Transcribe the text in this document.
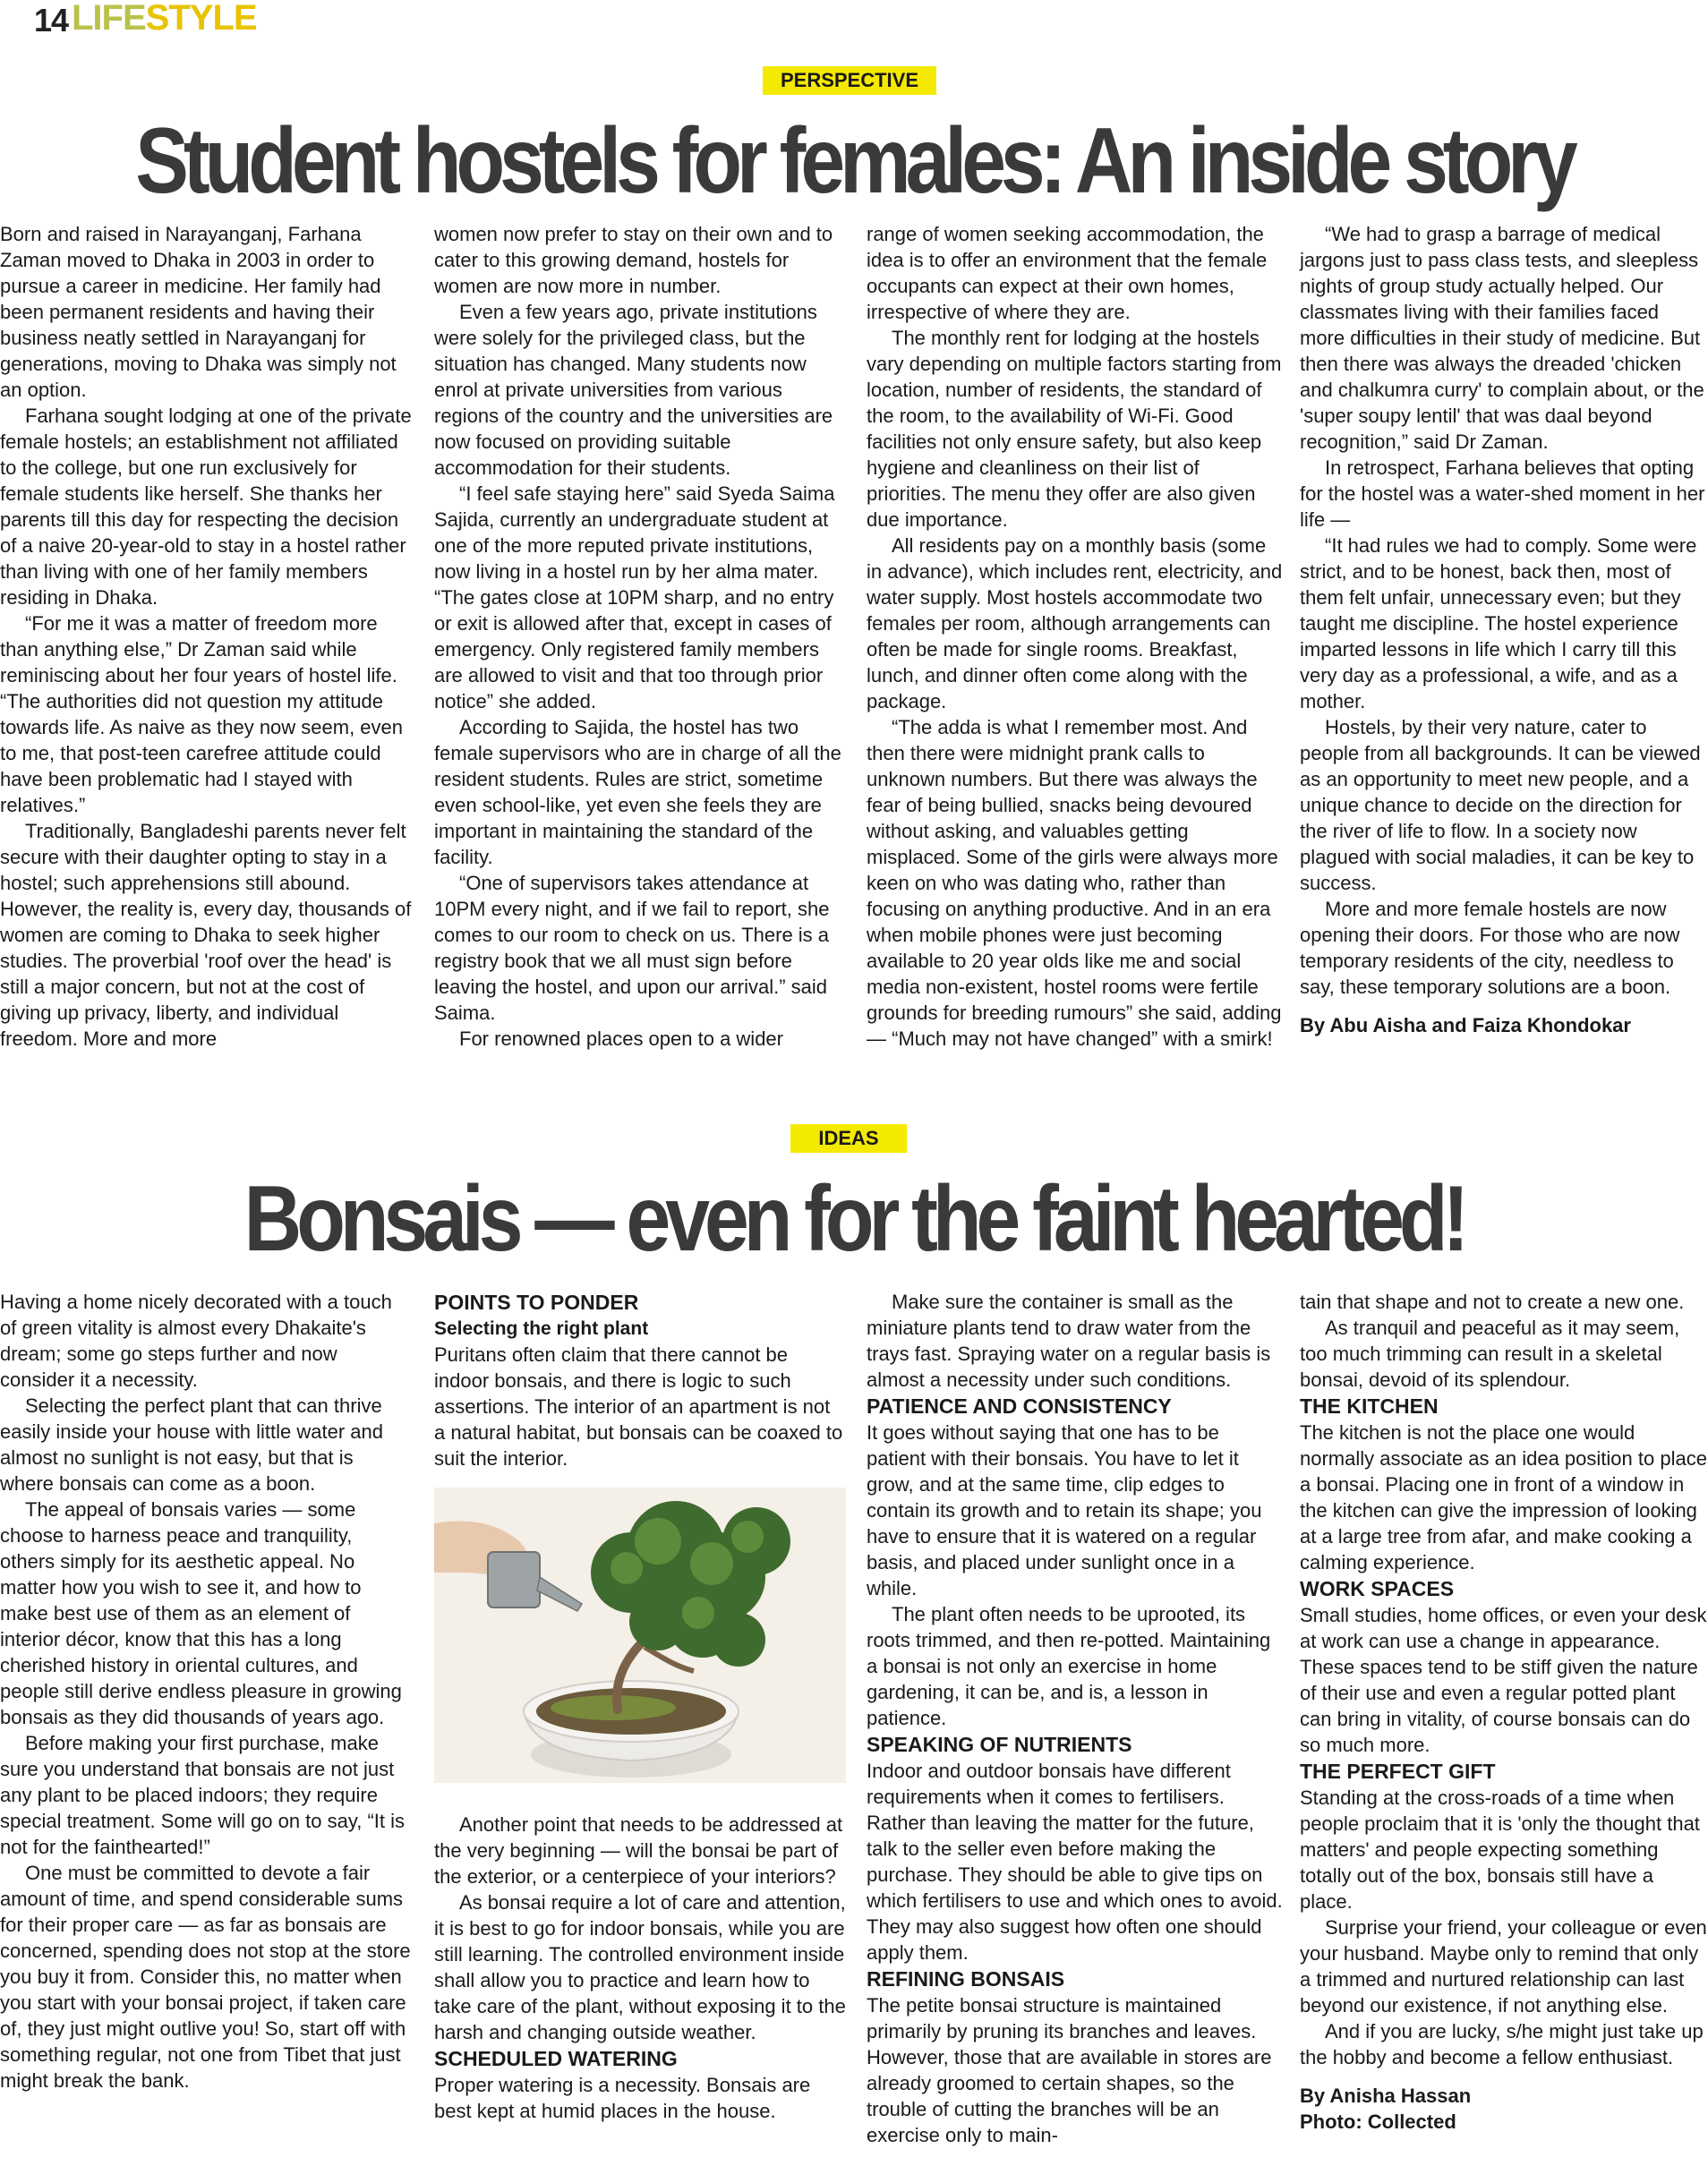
14 LIFESTYLE
PERSPECTIVE
Student hostels for females: An inside story

Born and raised in Narayanganj, Farhana Zaman moved to Dhaka in 2003 in order to pursue a career in medicine. Her family had been permanent residents and having their business neatly settled in Narayanganj for generations, moving to Dhaka was simply not an option.

Farhana sought lodging at one of the private female hostels; an establishment not affiliated to the college, but one run exclusively for female students like herself. She thanks her parents till this day for respecting the decision of a naive 20-year-old to stay in a hostel rather than living with one of her family members residing in Dhaka.

“For me it was a matter of freedom more than anything else,” Dr Zaman said while reminiscing about her four years of hostel life. “The authorities did not question my attitude towards life. As naive as they now seem, even to me, that post-teen carefree attitude could have been problematic had I stayed with relatives.”

Traditionally, Bangladeshi parents never felt secure with their daughter opting to stay in a hostel; such apprehensions still abound. However, the reality is, every day, thousands of women are coming to Dhaka to seek higher studies. The proverbial 'roof over the head' is still a major concern, but not at the cost of giving up privacy, liberty, and individual freedom. More and more

women now prefer to stay on their own and to cater to this growing demand, hostels for women are now more in number.

Even a few years ago, private institutions were solely for the privileged class, but the situation has changed. Many students now enrol at private universities from various regions of the country and the universities are now focused on providing suitable accommodation for their students.

“I feel safe staying here” said Syeda Saima Sajida, currently an undergraduate student at one of the more reputed private institutions, now living in a hostel run by her alma mater. “The gates close at 10PM sharp, and no entry or exit is allowed after that, except in cases of emergency. Only registered family members are allowed to visit and that too through prior notice” she added.

According to Sajida, the hostel has two female supervisors who are in charge of all the resident students. Rules are strict, sometime even school-like, yet even she feels they are important in maintaining the standard of the facility.

“One of supervisors takes attendance at 10PM every night, and if we fail to report, she comes to our room to check on us. There is a registry book that we all must sign before leaving the hostel, and upon our arrival.” said Saima.

For renowned places open to a wider

range of women seeking accommodation, the idea is to offer an environment that the female occupants can expect at their own homes, irrespective of where they are.

The monthly rent for lodging at the hostels vary depending on multiple factors starting from location, number of residents, the standard of the room, to the availability of Wi-Fi. Good facilities not only ensure safety, but also keep hygiene and cleanliness on their list of priorities. The menu they offer are also given due importance.

All residents pay on a monthly basis (some in advance), which includes rent, electricity, and water supply. Most hostels accommodate two females per room, although arrangements can often be made for single rooms. Breakfast, lunch, and dinner often come along with the package.

“The adda is what I remember most. And then there were midnight prank calls to unknown numbers. But there was always the fear of being bullied, snacks being devoured without asking, and valuables getting misplaced. Some of the girls were always more keen on who was dating who, rather than focusing on anything productive. And in an era when mobile phones were just becoming available to 20 year olds like me and social media non-existent, hostel rooms were fertile grounds for breeding rumours” she said, adding — “Much may not have changed” with a smirk!

“We had to grasp a barrage of medical jargons just to pass class tests, and sleepless nights of group study actually helped. Our classmates living with their families faced more difficulties in their study of medicine. But then there was always the dreaded 'chicken and chalkumra curry' to complain about, or the 'super soupy lentil' that was daal beyond recognition,” said Dr Zaman.

In retrospect, Farhana believes that opting for the hostel was a water-shed moment in her life —

“It had rules we had to comply. Some were strict, and to be honest, back then, most of them felt unfair, unnecessary even; but they taught me discipline. The hostel experience imparted lessons in life which I carry till this very day as a professional, a wife, and as a mother.

Hostels, by their very nature, cater to people from all backgrounds. It can be viewed as an opportunity to meet new people, and a unique chance to decide on the direction for the river of life to flow. In a society now plagued with social maladies, it can be key to success.

More and more female hostels are now opening their doors. For those who are now temporary residents of the city, needless to say, these temporary solutions are a boon.

By Abu Aisha and Faiza Khondokar

IDEAS
Bonsais — even for the faint hearted!

Having a home nicely decorated with a touch of green vitality is almost every Dhakaite's dream; some go steps further and now consider it a necessity.

Selecting the perfect plant that can thrive easily inside your house with little water and almost no sunlight is not easy, but that is where bonsais can come as a boon.

The appeal of bonsais varies — some choose to harness peace and tranquility, others simply for its aesthetic appeal. No matter how you wish to see it, and how to make best use of them as an element of interior décor, know that this has a long cherished history in oriental cultures, and people still derive endless pleasure in growing bonsais as they did thousands of years ago.

Before making your first purchase, make sure you understand that bonsais are not just any plant to be placed indoors; they require special treatment. Some will go on to say, “It is not for the fainthearted!”

One must be committed to devote a fair amount of time, and spend considerable sums for their proper care — as far as bonsais are concerned, spending does not stop at the store you buy it from. Consider this, no matter when you start with your bonsai project, if taken care of, they just might outlive you! So, start off with something regular, not one from Tibet that just might break the bank.

POINTS TO PONDER
Selecting the right plant

Puritans often claim that there cannot be indoor bonsais, and there is logic to such assertions. The interior of an apartment is not a natural habitat, but bonsais can be coaxed to suit the interior.

Another point that needs to be addressed at the very beginning — will the bonsai be part of the exterior, or a centerpiece of your interiors?

As bonsai require a lot of care and attention, it is best to go for indoor bonsais, while you are still learning. The controlled environment inside shall allow you to practice and learn how to take care of the plant, without exposing it to the harsh and changing outside weather.

SCHEDULED WATERING

Proper watering is a necessity. Bonsais are best kept at humid places in the house.

Make sure the container is small as the miniature plants tend to draw water from the trays fast. Spraying water on a regular basis is almost a necessity under such conditions.

PATIENCE AND CONSISTENCY

It goes without saying that one has to be patient with their bonsais. You have to let it grow, and at the same time, clip edges to contain its growth and to retain its shape; you have to ensure that it is watered on a regular basis, and placed under sunlight once in a while.

The plant often needs to be uprooted, its roots trimmed, and then re-potted. Maintaining a bonsai is not only an exercise in home gardening, it can be, and is, a lesson in patience.

SPEAKING OF NUTRIENTS

Indoor and outdoor bonsais have different requirements when it comes to fertilisers. Rather than leaving the matter for the future, talk to the seller even before making the purchase. They should be able to give tips on which fertilisers to use and which ones to avoid. They may also suggest how often one should apply them.

REFINING BONSAIS

The petite bonsai structure is maintained primarily by pruning its branches and leaves. However, those that are available in stores are already groomed to certain shapes, so the trouble of cutting the branches will be an exercise only to main-

tain that shape and not to create a new one.

As tranquil and peaceful as it may seem, too much trimming can result in a skeletal bonsai, devoid of its splendour.

THE KITCHEN

The kitchen is not the place one would normally associate as an idea position to place a bonsai. Placing one in front of a window in the kitchen can give the impression of looking at a large tree from afar, and make cooking a calming experience.

WORK SPACES

Small studies, home offices, or even your desk at work can use a change in appearance. These spaces tend to be stiff given the nature of their use and even a regular potted plant can bring in vitality, of course bonsais can do so much more.

THE PERFECT GIFT

Standing at the cross-roads of a time when people proclaim that it is 'only the thought that matters' and people expecting something totally out of the box, bonsais still have a place.

Surprise your friend, your colleague or even your husband. Maybe only to remind that only a trimmed and nurtured relationship can last beyond our existence, if not anything else.

And if you are lucky, s/he might just take up the hobby and become a fellow enthusiast.

By Anisha Hassan

Photo: Collected
